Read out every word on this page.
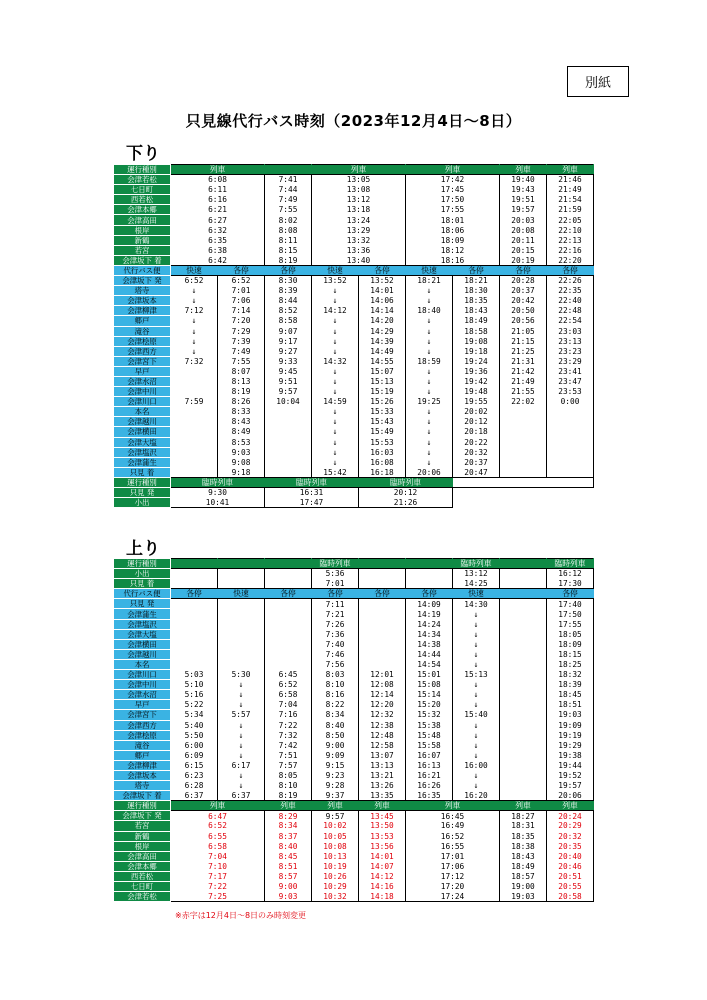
別紙
只見線代行バス時刻（2023年12月4日～8日）
下り
運行種別	列車			列車		列車		列車	列車
会津若松	6:08		7:41	13:05		17:42		19:40	21:46
七日町	6:11		7:44	13:08		17:45		19:43	21:49
西若松	6:16		7:49	13:12		17:50		19:51	21:54
会津本郷	6:21		7:55	13:18		17:55		19:57	21:59
会津高田	6:27		8:02	13:24		18:01		20:03	22:05
根岸	6:32		8:08	13:29		18:06		20:08	22:10
新鶴	6:35		8:11	13:32		18:09		20:11	22:13
若宮	6:38		8:15	13:36		18:12		20:15	22:16
会津坂下 着	6:42		8:19	13:40		18:16		20:19	22:20
代行バス便	快速	各停	各停	快速	各停	快速	各停	各停	各停
会津坂下 発	6:52	6:52	8:30	13:52	13:52	18:21	18:21	20:28	22:26
塔寺	↓	7:01	8:39	↓	14:01	↓	18:30	20:37	22:35
会津坂本	↓	7:06	8:44	↓	14:06	↓	18:35	20:42	22:40
会津柳津	7:12	7:14	8:52	14:12	14:14	18:40	18:43	20:50	22:48
郷戸	↓	7:20	8:58	↓	14:20	↓	18:49	20:56	22:54
滝谷	↓	7:29	9:07	↓	14:29	↓	18:58	21:05	23:03
会津桧原	↓	7:39	9:17	↓	14:39	↓	19:08	21:15	23:13
会津西方	↓	7:49	9:27	↓	14:49	↓	19:18	21:25	23:23
会津宮下	7:32	7:55	9:33	14:32	14:55	18:59	19:24	21:31	23:29
早戸		8:07	9:45	↓	15:07	↓	19:36	21:42	23:41
会津水沼		8:13	9:51	↓	15:13	↓	19:42	21:49	23:47
会津中川		8:19	9:57	↓	15:19	↓	19:48	21:55	23:53
会津川口	7:59	8:26	10:04	14:59	15:26	19:25	19:55	22:02	0:00
本名		8:33		↓	15:33	↓	20:02		
会津越川		8:43		↓	15:43	↓	20:12		
会津横田		8:49		↓	15:49	↓	20:18		
会津大塩		8:53		↓	15:53	↓	20:22		
会津塩沢		9:03		↓	16:03	↓	20:32		
会津蒲生		9:08		↓	16:08	↓	20:37		
只見 着		9:18		15:42	16:18	20:06	20:47		
運行種別	臨時列車		臨時列車		臨時列車				
只見 発	9:30		16:31		20:12				
小出	10:41		17:47		21:26				
上り
運行種別				臨時列車			臨時列車		臨時列車
小出				5:36			13:12		16:12
只見 着				7:01			14:25		17:30
代行バス便	各停	快速	各停	各停	各停	各停	快速		各停
只見 発				7:11		14:09	14:30		17:40
会津蒲生				7:21		14:19	↓		17:50
会津塩沢				7:26		14:24	↓		17:55
会津大塩				7:36		14:34	↓		18:05
会津横田				7:40		14:38	↓		18:09
会津越川				7:46		14:44	↓		18:15
本名				7:56		14:54	↓		18:25
会津川口	5:03	5:30	6:45	8:03	12:01	15:01	15:13		18:32
会津中川	5:10	↓	6:52	8:10	12:08	15:08	↓		18:39
会津水沼	5:16	↓	6:58	8:16	12:14	15:14	↓		18:45
早戸	5:22	↓	7:04	8:22	12:20	15:20	↓		18:51
会津宮下	5:34	5:57	7:16	8:34	12:32	15:32	15:40		19:03
会津西方	5:40	↓	7:22	8:40	12:38	15:38	↓		19:09
会津桧原	5:50	↓	7:32	8:50	12:48	15:48	↓		19:19
滝谷	6:00	↓	7:42	9:00	12:58	15:58	↓		19:29
郷戸	6:09	↓	7:51	9:09	13:07	16:07	↓		19:38
会津柳津	6:15	6:17	7:57	9:15	13:13	16:13	16:00		19:44
会津坂本	6:23	↓	8:05	9:23	13:21	16:21	↓		19:52
塔寺	6:28	↓	8:10	9:28	13:26	16:26	↓		19:57
会津坂下 着	6:37	6:37	8:19	9:37	13:35	16:35	16:20		20:06
運行種別	列車		列車	列車	列車	列車		列車	列車
会津坂下 発	6:47		8:29	9:57	13:45	16:45		18:27	20:24
若宮	6:52		8:34	10:02	13:50	16:49		18:31	20:29
新鶴	6:55		8:37	10:05	13:53	16:52		18:35	20:32
根岸	6:58		8:40	10:08	13:56	16:55		18:38	20:35
会津高田	7:04		8:45	10:13	14:01	17:01		18:43	20:40
会津本郷	7:10		8:51	10:19	14:07	17:06		18:49	20:46
西若松	7:17		8:57	10:26	14:12	17:12		18:57	20:51
七日町	7:22		9:00	10:29	14:16	17:20		19:00	20:55
会津若松	7:25		9:03	10:32	14:18	17:24		19:03	20:58
※赤字は12月4日～8日のみ時刻変更
